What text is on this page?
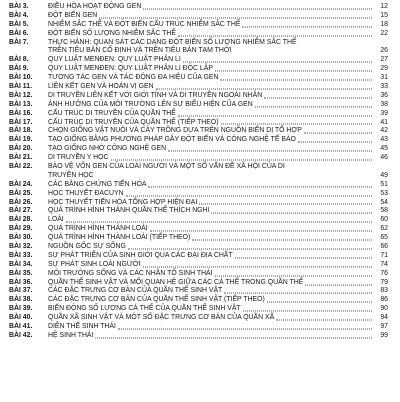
BÀI 3.	ĐIỀU HÒA HOẠT ĐỘNG GEN	12
BÀI 4.	ĐỘT BIẾN GEN	15
BÀI 5.	NHIỄM SẮC THỂ VÀ ĐỘT BIẾN CẤU TRÚC NHIỄM SẮC THỂ	18
BÀI 6.	ĐỘT BIẾN SỐ LƯỢNG NHIỄM SẮC THỂ	22
BÀI 7.	THỰC HÀNH: QUAN SÁT CÁC DẠNG ĐỘT BIẾN SỐ LƯỢNG NHIỄM SẮC THỂ
TRÊN TIÊU BẢN CỐ ĐỊNH VÀ TRÊN TIÊU BẢN TẠM THỜI	26
BÀI 8.	QUY LUẬT MENĐEN: QUY LUẬT PHÂN LI	27
BÀI 9.	QUY LUẬT MENĐEN: QUY LUẬT PHÂN LI ĐỘC LẬP	29
BÀI 10.	TƯƠNG TÁC GEN VÀ TÁC ĐỘNG ĐA HIỆU CỦA GEN	31
BÀI 11.	LIÊN KẾT GEN VÀ HOÁN VỊ GEN	33
BÀI 12.	DI TRUYỀN LIÊN KẾT VỚI GIỚI TÍNH VÀ DI TRUYỀN NGOÀI NHÂN	36
BÀI 13.	ẢNH HƯỞNG CỦA MÔI TRƯỜNG LÊN SỰ BIỂU HIỆN CỦA GEN	38
BÀI 16.	CẤU TRÚC DI TRUYỀN CỦA QUẦN THỂ	39
BÀI 17.	CẤU TRÚC DI TRUYỀN CỦA QUẦN THỂ (TIẾP THEO)	41
BÀI 18.	CHỌN GIỐNG VẬT NUÔI VÀ CÂY TRỒNG DỰA TRÊN NGUỒN BIẾN DỊ TỔ HỢP	42
BÀI 19.	TẠO GIỐNG BẰNG PHƯƠNG PHÁP GÂY ĐỘT BIẾN VÀ CÔNG NGHỆ TẾ BÀO	43
BÀI 20.	TẠO GIỐNG NHỜ CÔNG NGHỆ GEN	45
BÀI 21.	DI TRUYỀN Y HỌC	46
BÀI 22.	BẢO VỆ VỐN GEN CỦA LOÀI NGƯỜI VÀ MỘT SỐ VẤN ĐỀ XÃ HỘI CỦA DI
TRUYỀN HỌC	49
BÀI 24.	CÁC BẰNG CHỨNG TIẾN HÓA	51
BÀI 25.	HỌC THUYẾT ĐACUYN	53
BÀI 26.	HỌC THUYẾT TIẾN HÓA TỔNG HỢP HIỆN ĐẠI	54
BÀI 27.	QUÁ TRÌNH HÌNH THÀNH QUẦN THỂ THÍCH NGHI	58
BÀI 28.	LOÀI	60
BÀI 29.	QUÁ TRÌNH HÌNH THÀNH LOÀI	62
BÀI 30.	QUÁ TRÌNH HÌNH THÀNH LOÀI (TIẾP THEO)	65
BÀI 32.	NGUỒN GỐC SỰ SỐNG	66
BÀI 33.	SỰ PHÁT TRIỂN CỦA SINH GIỚI QUA CÁC ĐẠI ĐỊA CHẤT	71
BÀI 34.	SỰ PHÁT SINH LOÀI NGƯỜI	74
BÀI 35.	MÔI TRƯỜNG SỐNG VÀ CÁC NHÂN TỐ SINH THÁI	76
BÀI 36.	QUẦN THỂ SINH VẬT VÀ MỐI QUAN HỆ GIỮA CÁC CÁ THỂ TRONG QUẦN THỂ	79
BÀI 37.	CÁC ĐẶC TRƯNG CƠ BẢN CỦA QUẦN THỂ SINH VẬT	83
BÀI 38.	CÁC ĐẶC TRƯNG CƠ BẢN CỦA QUẦN THỂ SINH VẬT (TIẾP THEO)	86
BÀI 39.	BIẾN ĐỘNG SỐ LƯỢNG CÁ THỂ CỦA QUẦN THỂ SINH VẬT	90
BÀI 40.	QUẦN XÃ SINH VẬT VÀ MỘT SỐ ĐẶC TRƯNG CƠ BẢN CỦA QUẦN XÃ	94
BÀI 41.	DIỄN THẾ SINH THÁI	97
BÀI 42.	HỆ SINH THÁI	99
